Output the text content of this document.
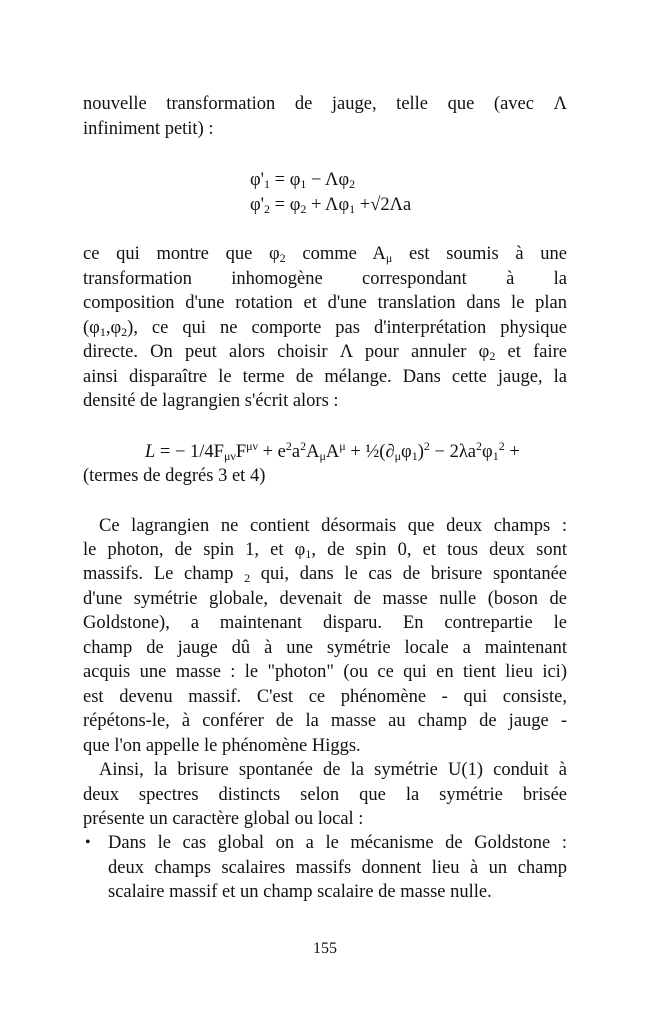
nouvelle transformation de jauge, telle que (avec Λ
infiniment petit) :
$\varphi'_1 = \varphi_1 - \Lambda\varphi_2$
$\varphi'_2 = \varphi_2 + \Lambda\varphi_1 +√2\Lambda a$
ce qui montre que $\varphi_2$ comme $A_\mu$ est soumis à une
transformation inhomogène correspondant à la
composition d'une rotation et d'une translation dans le plan
$(\varphi_1,\varphi_2)$, ce qui ne comporte pas d'interprétation physique
directe. On peut alors choisir Λ pour annuler $\varphi_2$ et faire
ainsi disparaître le terme de mélange. Dans cette jauge, la
densité de lagrangien s'écrit alors :
L = − $1/4F_{\mu\nu}F^{\mu\nu} + e^2a^2A_\mu A^\mu$ + $\frac{1}{2}(\partial_\mu\varphi_1)^2 - 2\lambda a^2\varphi_1^2$ +
(termes de degrés 3 et 4)
Ce lagrangien ne contient désormais que deux champs :
le photon, de spin 1, et $\varphi_1$, de spin 0, et tous deux sont
massifs. Le champ $_2$ qui, dans le cas de brisure spontanée
d'une symétrie globale, devenait de masse nulle (boson de
Goldstone), a maintenant disparu. En contrepartie le
champ de jauge dû à une symétrie locale a maintenant
acquis une masse : le "photon" (ou ce qui en tient lieu ici)
est devenu massif. C'est ce phénomène - qui consiste,
répétons-le, à conférer de la masse au champ de jauge -
que l'on appelle le phénomène Higgs.
Ainsi, la brisure spontanée de la symétrie U(1) conduit à
deux spectres distincts selon que la symétrie brisée
présente un caractère global ou local :
Dans le cas global on a le mécanisme de Goldstone :
deux champs scalaires massifs donnent lieu à un champ
scalaire massif et un champ scalaire de masse nulle.
•
155
